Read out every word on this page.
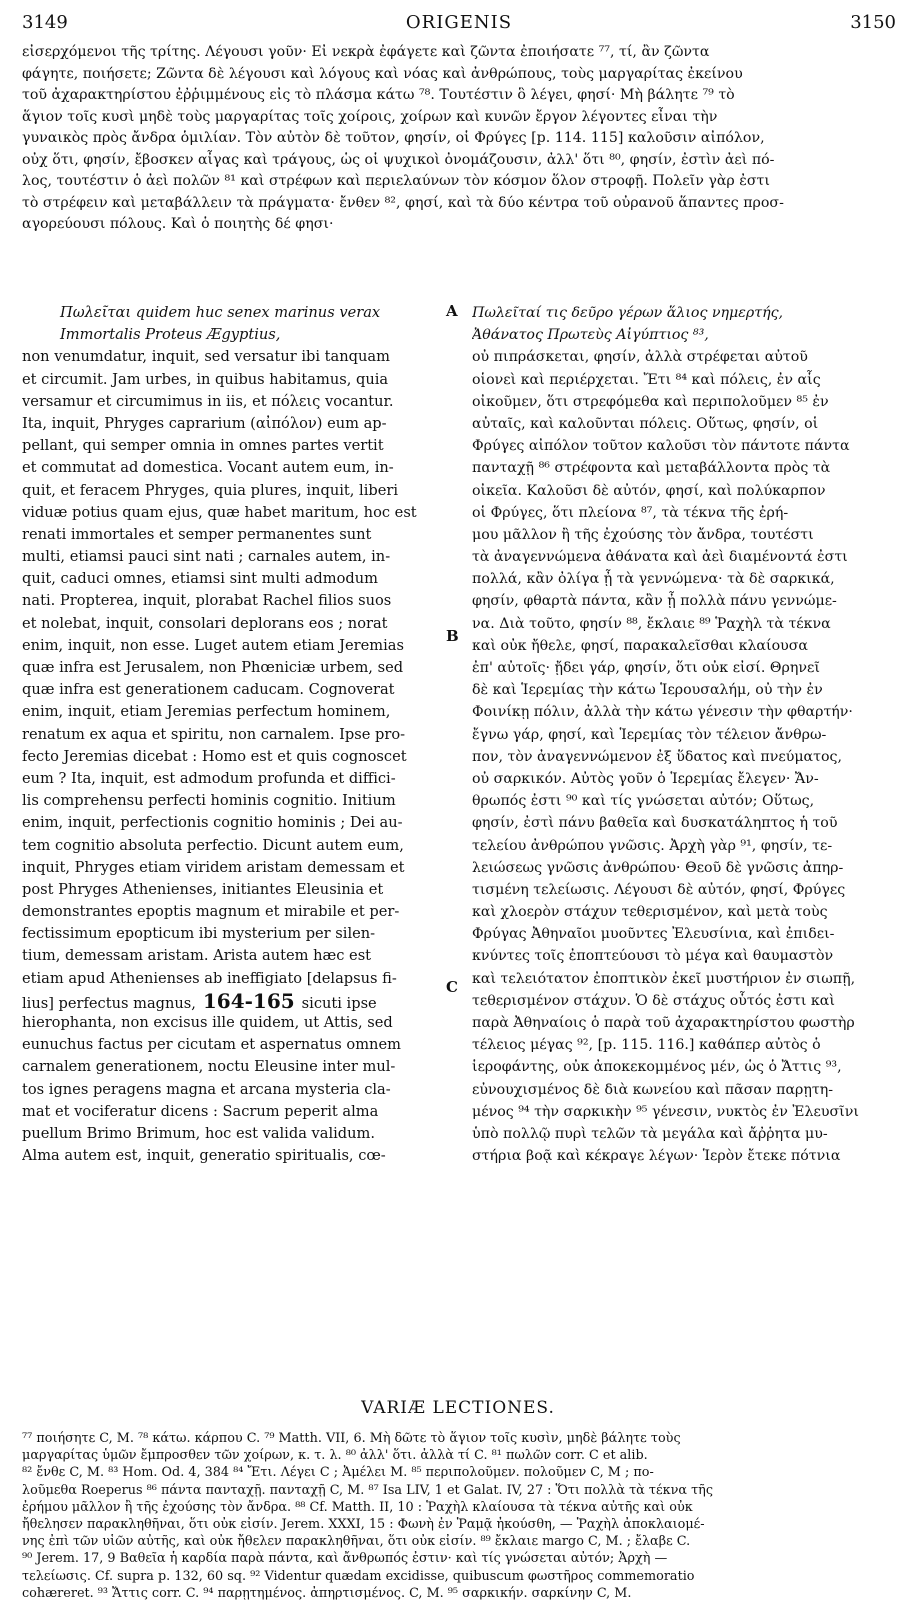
3149	ORIGENIS	3150
εἰσερχόμενοι τῆς τρίτης. Λέγουσι γοῦν· Εἰ νεκρὰ ἐφάγετε καὶ ζῶντα ἐποιήσατε ⁷⁷, τί, ἂν ζῶντα
φάγητε, ποιήσετε; Ζῶντα δὲ λέγουσι καὶ λόγους καὶ νόας καὶ ἀνθρώπους, τοὺς μαργαρίτας ἐκείνου
τοῦ ἀχαρακτηρίστου ἐῤῥιμμένους εἰς τὸ πλάσμα κάτω ⁷⁸. Τουτέστιν ὃ λέγει, φησί· Μὴ βάλητε ⁷⁹ τὸ
ἅγιον τοῖς κυσὶ μηδὲ τοὺς μαργαρίτας τοῖς χοίροις, χοίρων καὶ κυνῶν ἔργον λέγοντες εἶναι τὴν
γυναικὸς πρὸς ἄνδρα ὁμιλίαν. Τὸν αὐτὸν δὲ τοῦτον, φησίν, οἱ Φρύγες [p. 114. 115] καλοῦσιν αἰπόλον,
οὐχ ὅτι, φησίν, ἔβοσκεν αἶγας καὶ τράγους, ὡς οἱ ψυχικοὶ ὀνομάζουσιν, ἀλλ' ὅτι ⁸⁰, φησίν, ἐστὶν ἀεὶ πό-
λος, τουτέστιν ὁ ἀεὶ πολῶν ⁸¹ καὶ στρέφων καὶ περιελαύνων τὸν κόσμον ὅλον στροφῇ. Πολεῖν γὰρ ἐστι
τὸ στρέφειν καὶ μεταβάλλειν τὰ πράγματα· ἔνθεν ⁸², φησί, καὶ τὰ δύο κέντρα τοῦ οὐρανοῦ ἅπαντες προσ-
αγορεύουσι πόλους. Καὶ ὁ ποιητὴς δέ φησι·
Πωλεῖται quidem huc senex marinus verax
Immortalis Proteus Ægyptius,
non venumdatur, inquit, sed versatur ibi tanquam
et circumit. Jam urbes, in quibus habitamus, quia
versamur et circumimus in iis, et πόλεις vocantur.
Ita, inquit, Phryges caprarium (αἰπόλον) eum ap-
pellant, qui semper omnia in omnes partes vertit
et commutat ad domestica. Vocant autem eum, in-
quit, et feracem Phryges, quia plures, inquit, liberi
viduæ potius quam ejus, quæ habet maritum, hoc est
renati immortales et semper permanentes sunt
multi, etiamsi pauci sint nati ; carnales autem, in-
quit, caduci omnes, etiamsi sint multi admodum
nati. Propterea, inquit, plorabat Rachel filios suos
et nolebat, inquit, consolari deplorans eos ; norat
enim, inquit, non esse. Luget autem etiam Jeremias
quæ infra est Jerusalem, non Phœniciæ urbem, sed
quæ infra est generationem caducam. Cognoverat
enim, inquit, etiam Jeremias perfectum hominem,
renatum ex aqua et spiritu, non carnalem. Ipse pro-
fecto Jeremias dicebat : Homo est et quis cognoscet
eum ? Ita, inquit, est admodum profunda et diffici-
lis comprehensu perfecti hominis cognitio. Initium
enim, inquit, perfectionis cognitio hominis ; Dei au-
tem cognitio absoluta perfectio. Dicunt autem eum,
inquit, Phryges etiam viridem aristam demessam et
post Phryges Athenienses, initiantes Eleusinia et
demonstrantes epoptis magnum et mirabile et per-
fectissimum epopticum ibi mysterium per silen-
tium, demessam aristam. Arista autem hæc est
etiam apud Athenienses ab ineffigiato [delapsus fi-
lius] perfectus magnus, 164-165 sicuti ipse
hierophanta, non excisus ille quidem, ut Attis, sed
eunuchus factus per cicutam et aspernatus omnem
carnalem generationem, noctu Eleusine inter mul-
tos ignes peragens magna et arcana mysteria cla-
mat et vociferatur dicens : Sacrum peperit alma
puellum Brimo Brimum, hoc est valida validum.
Alma autem est, inquit, generatio spiritualis, cœ-
Πωλεῖταί τις δεῦρο γέρων ἅλιος νημερτής,
Ἀθάνατος Πρωτεὺς Αἰγύπτιος ⁸³,
οὐ πιπράσκεται, φησίν, ἀλλὰ στρέφεται αὐτοῦ
οἱονεὶ καὶ περιέρχεται. Ἔτι ⁸⁴ καὶ πόλεις, ἐν αἷς
οἰκοῦμεν, ὅτι στρεφόμεθα καὶ περιπολοῦμεν ⁸⁵ ἐν
αὐταῖς, καὶ καλοῦνται πόλεις. Οὕτως, φησίν, οἱ
Φρύγες αἰπόλον τοῦτον καλοῦσι τὸν πάντοτε πάντα
πανταχῇ ⁸⁶ στρέφοντα καὶ μεταβάλλοντα πρὸς τὰ
οἰκεῖα. Καλοῦσι δὲ αὐτόν, φησί, καὶ πολύκαρπον
οἱ Φρύγες, ὅτι πλείονα ⁸⁷, τὰ τέκνα τῆς ἐρή-
μου μᾶλλον ἢ τῆς ἐχούσης τὸν ἄνδρα, τουτέστι
τὰ ἀναγεννώμενα ἀθάνατα καὶ ἀεὶ διαμένοντά ἐστι
πολλά, κἂν ὀλίγα ᾖ τὰ γεννώμενα· τὰ δὲ σαρκικά,
φησίν, φθαρτὰ πάντα, κἂν ᾖ πολλὰ πάνυ γεννώμε-
να. Διὰ τοῦτο, φησίν ⁸⁸, ἔκλαιε ⁸⁹ Ῥαχὴλ τὰ τέκνα
καὶ οὐκ ἤθελε, φησί, παρακαλεῖσθαι κλαίουσα
ἐπ' αὐτοῖς· ᾔδει γάρ, φησίν, ὅτι οὐκ εἰσί. Θρηνεῖ
δὲ καὶ Ἱερεμίας τὴν κάτω Ἱερουσαλήμ, οὐ τὴν ἐν
Φοινίκῃ πόλιν, ἀλλὰ τὴν κάτω γένεσιν τὴν φθαρτήν·
ἔγνω γάρ, φησί, καὶ Ἱερεμίας τὸν τέλειον ἄνθρω-
πον, τὸν ἀναγεννώμενον ἐξ ὕδατος καὶ πνεύματος,
οὐ σαρκικόν. Αὐτὸς γοῦν ὁ Ἱερεμίας ἔλεγεν· Ἄν-
θρωπός ἐστι ⁹⁰ καὶ τίς γνώσεται αὐτόν; Οὕτως,
φησίν, ἐστὶ πάνυ βαθεῖα καὶ δυσκατάληπτος ἡ τοῦ
τελείου ἀνθρώπου γνῶσις. Ἀρχὴ γὰρ ⁹¹, φησίν, τε-
λειώσεως γνῶσις ἀνθρώπου· Θεοῦ δὲ γνῶσις ἀπηρ-
τισμένη τελείωσις. Λέγουσι δὲ αὐτόν, φησί, Φρύγες
καὶ χλοερὸν στάχυν τεθερισμένον, καὶ μετὰ τοὺς
Φρύγας Ἀθηναῖοι μυοῦντες Ἐλευσίνια, καὶ ἐπιδει-
κνύντες τοῖς ἐποπτεύουσι τὸ μέγα καὶ θαυμαστὸν
καὶ τελειότατον ἐποπτικὸν ἐκεῖ μυστήριον ἐν σιωπῇ,
τεθερισμένον στάχυν. Ὁ δὲ στάχυς οὗτός ἐστι καὶ
παρὰ Ἀθηναίοις ὁ παρὰ τοῦ ἀχαρακτηρίστου φωστὴρ
τέλειος μέγας ⁹², [p. 115. 116.] καθάπερ αὐτὸς ὁ
ἱεροφάντης, οὐκ ἀποκεκομμένος μέν, ὡς ὁ Ἄττις ⁹³,
εὐνουχισμένος δὲ διὰ κωνείου καὶ πᾶσαν παρῃτη-
μένος ⁹⁴ τὴν σαρκικὴν ⁹⁵ γένεσιν, νυκτὸς ἐν Ἐλευσῖνι
ὑπὸ πολλῷ πυρὶ τελῶν τὰ μεγάλα καὶ ἄῤῥητα μυ-
στήρια βοᾷ καὶ κέκραγε λέγων· Ἱερὸν ἔτεκε πότνια
A
B
C
VARIÆ LECTIONES.
⁷⁷ ποιήσητε C, M. ⁷⁸ κάτω. κάρπου C. ⁷⁹ Matth. VII, 6. Μὴ δῶτε τὸ ἅγιον τοῖς κυσὶν, μηδὲ βάλητε τοὺς
μαργαρίτας ὑμῶν ἔμπροσθεν τῶν χοίρων, κ. τ. λ. ⁸⁰ ἀλλ' ὅτι. ἀλλὰ τί C. ⁸¹ πωλῶν corr. C et alib.
⁸² ἔνθε C, M. ⁸³ Hom. Od. 4, 384 ⁸⁴ Ἔτι. Λέγει C ; Ἀμέλει M. ⁸⁵ περιπολοῦμεν. πολοῦμεν C, M ; πο-
λοῦμεθα Roeperus ⁸⁶ πάντα πανταχῇ. πανταχῇ C, M. ⁸⁷ Isa LIV, 1 et Galat. IV, 27 : Ὅτι πολλὰ τὰ τέκνα τῆς
ἐρήμου μᾶλλον ἢ τῆς ἐχούσης τὸν ἄνδρα. ⁸⁸ Cf. Matth. II, 10 : Ῥαχὴλ κλαίουσα τὰ τέκνα αὐτῆς καὶ οὐκ
ἤθελησεν παρακληθῆναι, ὅτι οὐκ εἰσίν. Jerem. XXXI, 15 : Φωνὴ ἐν Ῥαμᾷ ἠκούσθη, — Ῥαχὴλ ἀποκλαιομέ-
νης ἐπὶ τῶν υἱῶν αὐτῆς, καὶ οὐκ ἤθελεν παρακληθῆναι, ὅτι οὐκ εἰσίν. ⁸⁹ ἔκλαιε margo C, M. ; ἔλαβε C.
⁹⁰ Jerem. 17, 9 Βαθεῖα ἡ καρδία παρὰ πάντα, καὶ ἄνθρωπός ἐστιν· καὶ τίς γνώσεται αὐτόν; Ἀρχὴ —
τελείωσις. Cf. supra p. 132, 60 sq. ⁹² Videntur quædam excidisse, quibuscum φωστῆρος commemoratio
cohæreret. ⁹³ Ἄττις corr. C. ⁹⁴ παρῃτημένος. ἀπηρτισμένος. C, M. ⁹⁵ σαρκικήν. σαρκίνην C, M.
